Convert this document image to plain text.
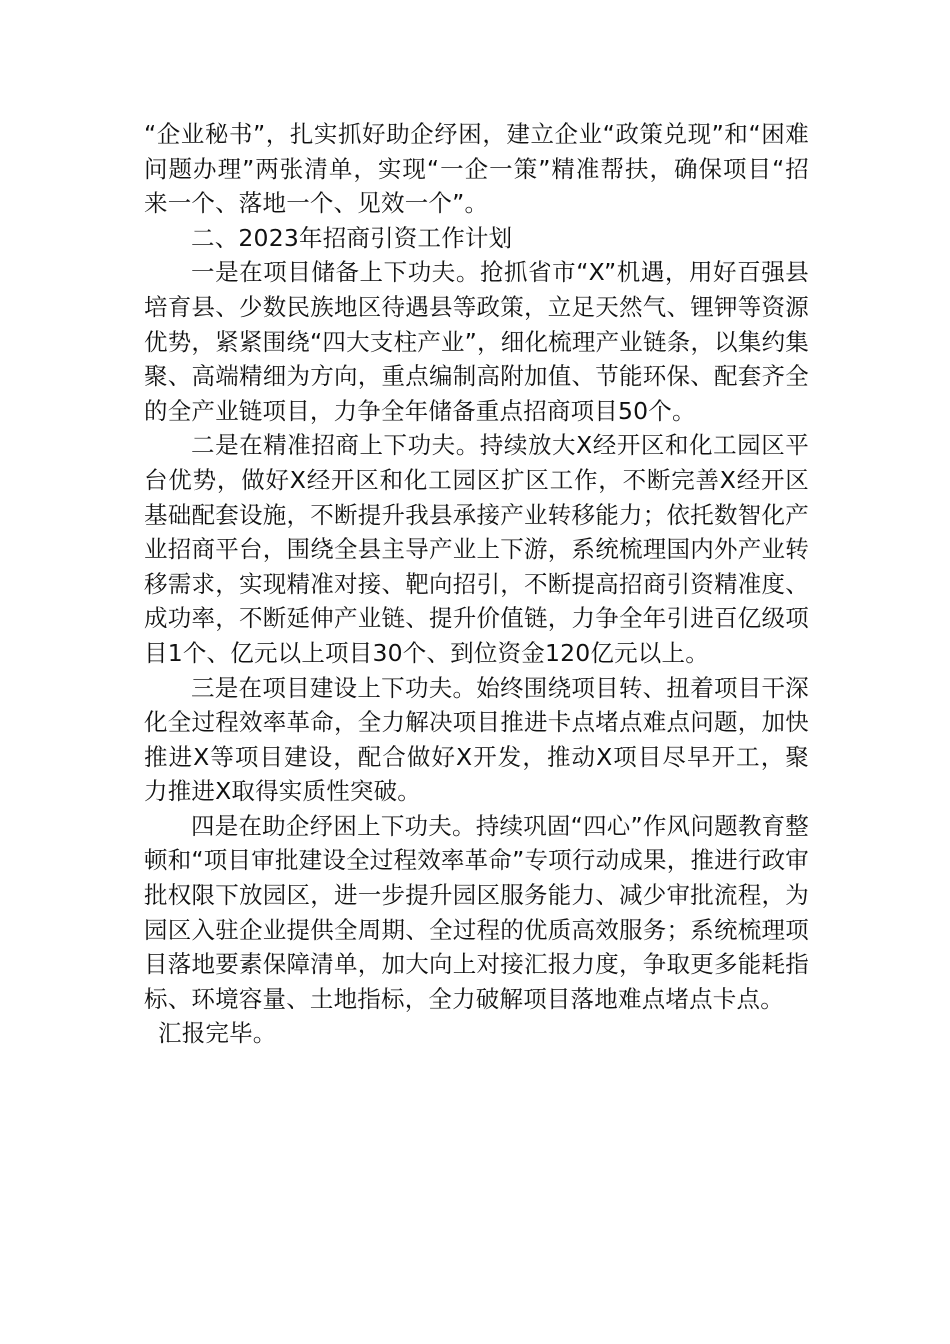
“企业秘书”，扎实抓好助企纾困，建立企业“政策兑现”和“困难问题办理”两张清单，实现“一企一策”精准帮扶，确保项目“招来一个、落地一个、见效一个”。

二、2023年招商引资工作计划

一是在项目储备上下功夫。抢抓省市“X”机遇，用好百强县培育县、少数民族地区待遇县等政策，立足天然气、锂钾等资源优势，紧紧围绕“四大支柱产业”，细化梳理产业链条，以集约集聚、高端精细为方向，重点编制高附加值、节能环保、配套齐全的全产业链项目，力争全年储备重点招商项目50个。

二是在精准招商上下功夫。持续放大X经开区和化工园区平台优势，做好X经开区和化工园区扩区工作，不断完善X经开区基础配套设施，不断提升我县承接产业转移能力；依托数智化产业招商平台，围绕全县主导产业上下游，系统梳理国内外产业转移需求，实现精准对接、靶向招引，不断提高招商引资精准度、成功率，不断延伸产业链、提升价值链，力争全年引进百亿级项目1个、亿元以上项目30个、到位资金120亿元以上。

三是在项目建设上下功夫。始终围绕项目转、扭着项目干深化全过程效率革命，全力解决项目推进卡点堵点难点问题，加快推进X等项目建设，配合做好X开发，推动X项目尽早开工，聚力推进X取得实质性突破。

四是在助企纾困上下功夫。持续巩固“四心”作风问题教育整顿和“项目审批建设全过程效率革命”专项行动成果，推进行政审批权限下放园区，进一步提升园区服务能力、减少审批流程，为园区入驻企业提供全周期、全过程的优质高效服务；系统梳理项目落地要素保障清单，加大向上对接汇报力度，争取更多能耗指标、环境容量、土地指标，全力破解项目落地难点堵点卡点。

汇报完毕。
